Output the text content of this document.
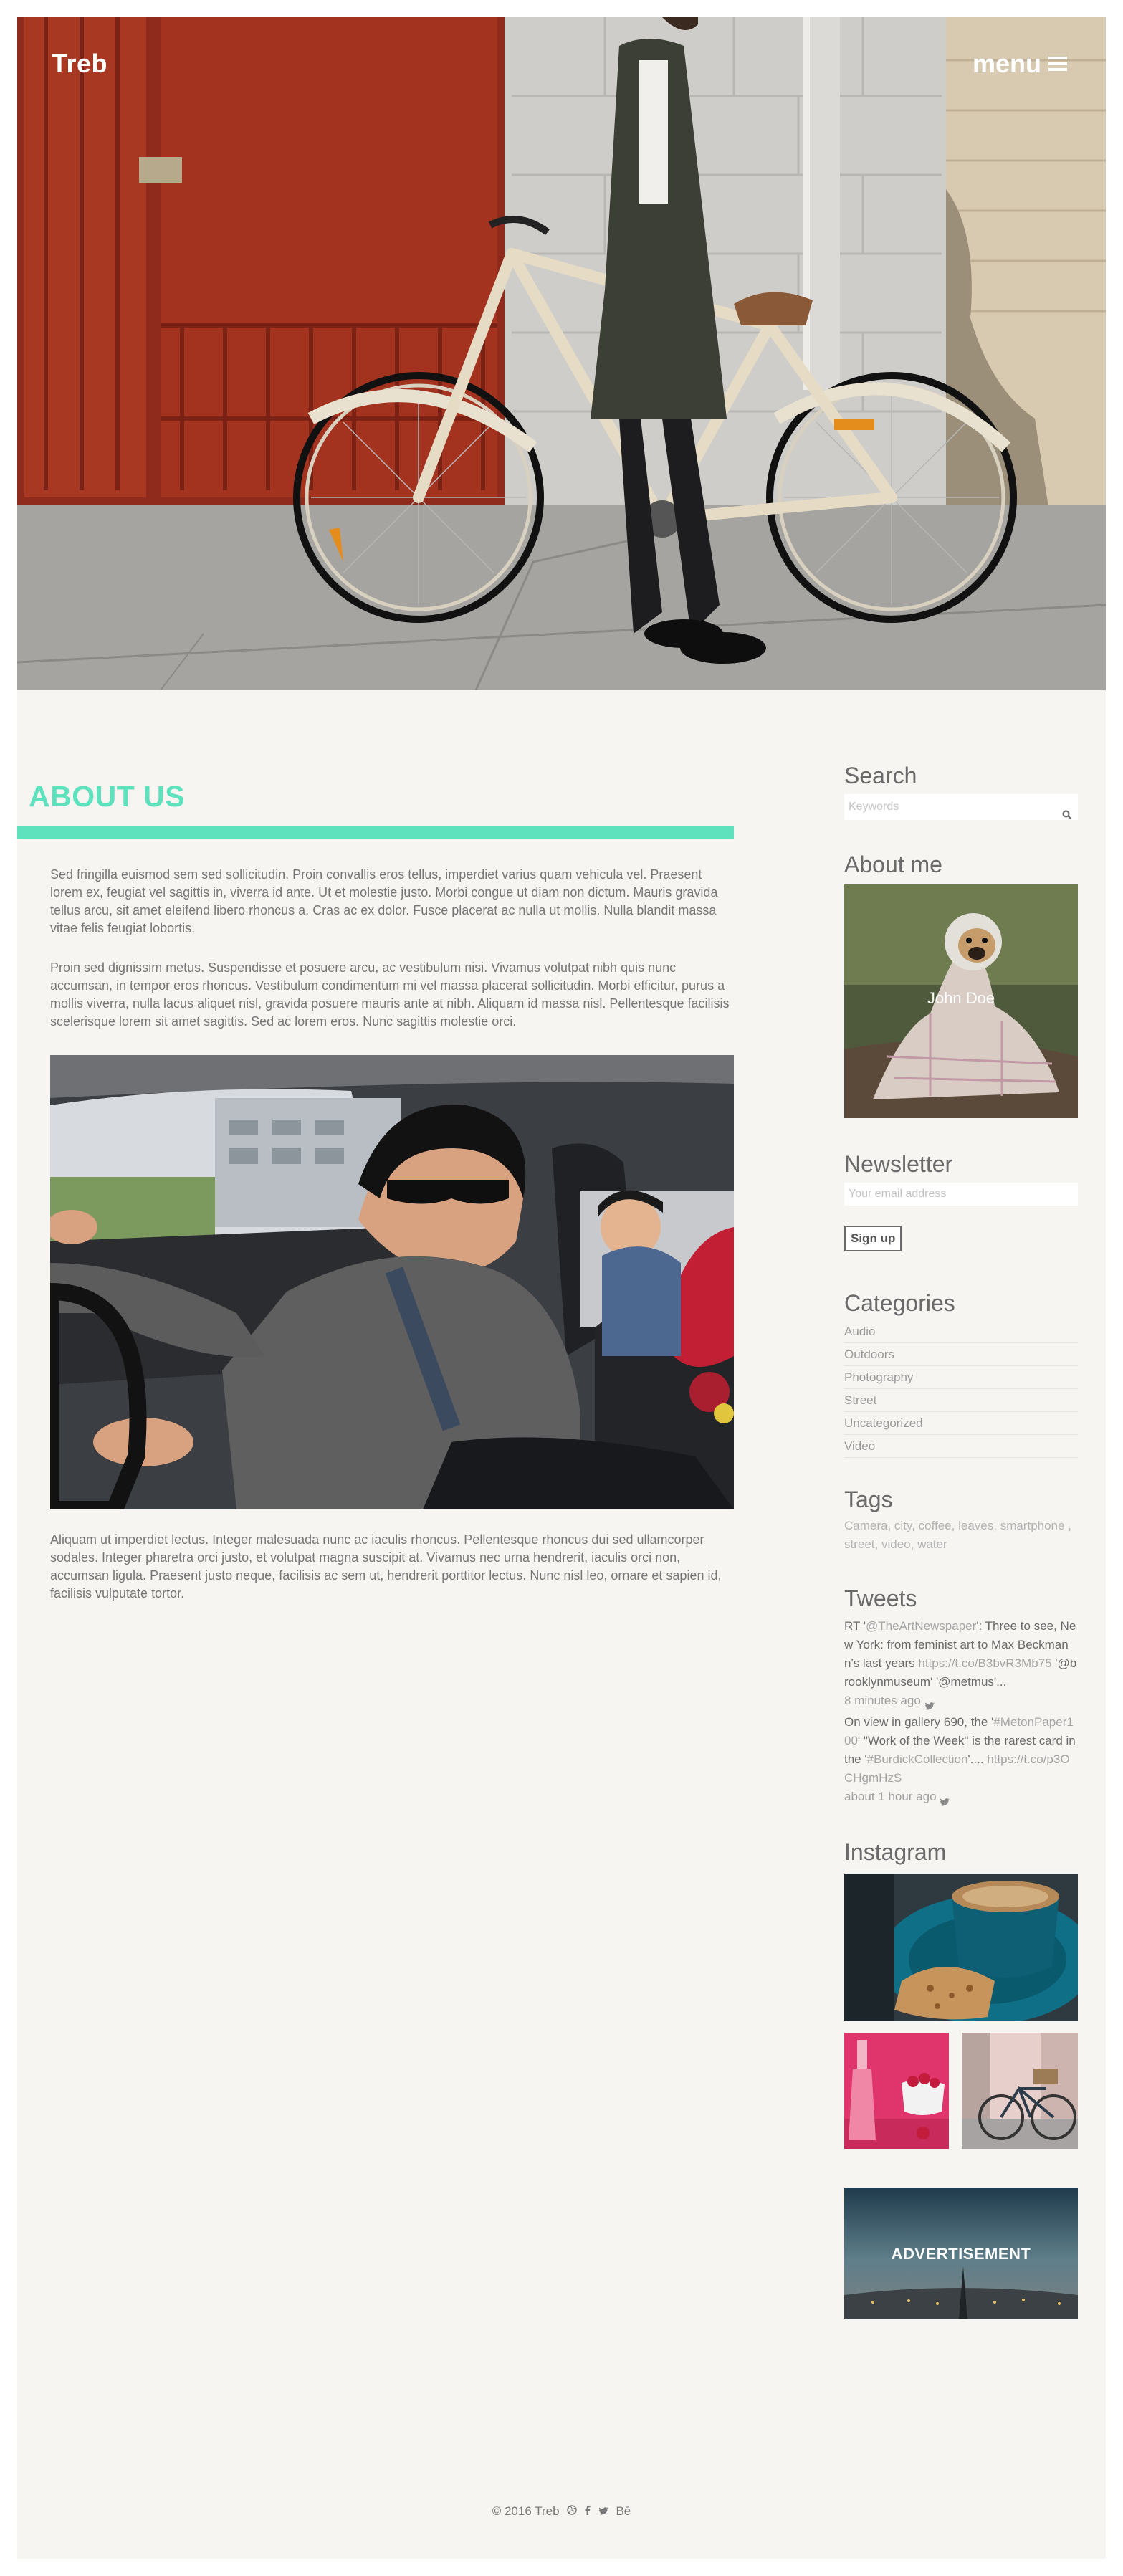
Treb	menu
ABOUT US

Sed fringilla euismod sem sed sollicitudin. Proin convallis eros tellus, imperdiet varius quam vehicula vel. Praesent lorem ex, feugiat vel sagittis in, viverra id ante. Ut et molestie justo. Morbi congue ut diam non dictum. Mauris gravida tellus arcu, sit amet eleifend libero rhoncus a. Cras ac ex dolor. Fusce placerat ac nulla ut mollis. Nulla blandit massa vitae felis feugiat lobortis.

Proin sed dignissim metus. Suspendisse et posuere arcu, ac vestibulum nisi. Vivamus volutpat nibh quis nunc accumsan, in tempor eros rhoncus. Vestibulum condimentum mi vel massa placerat sollicitudin. Morbi efficitur, purus a mollis viverra, nulla lacus aliquet nisl, gravida posuere mauris ante at nibh. Aliquam id massa nisl. Pellentesque facilisis scelerisque lorem sit amet sagittis. Sed ac lorem eros. Nunc sagittis molestie orci.

Aliquam ut imperdiet lectus. Integer malesuada nunc ac iaculis rhoncus. Pellentesque rhoncus dui sed ullamcorper sodales. Integer pharetra orci justo, et volutpat magna suscipit at. Vivamus nec urna hendrerit, iaculis orci non, accumsan ligula. Praesent justo neque, facilisis ac sem ut, hendrerit porttitor lectus. Nunc nisl leo, ornare et sapien id, facilisis vulputate tortor.

Search
Keywords
About me
John Doe
Newsletter
Your email address
Sign up
Categories
Audio
Outdoors
Photography
Street
Uncategorized
Video
Tags
Camera, city, coffee, leaves, smartphone , street, video, water
Tweets
RT '@TheArtNewspaper': Three to see, New York: from feminist art to Max Beckmann's last years https://t.co/B3bvR3Mb75 '@brooklynmuseum' '@metmus'...
8 minutes ago
On view in gallery 690, the '#MetonPaper100' "Work of the Week" is the rarest card in the '#BurdickCollection'.... https://t.co/p3OCHgmHzS
about 1 hour ago
Instagram
ADVERTISEMENT
© 2016 Treb	Bē
